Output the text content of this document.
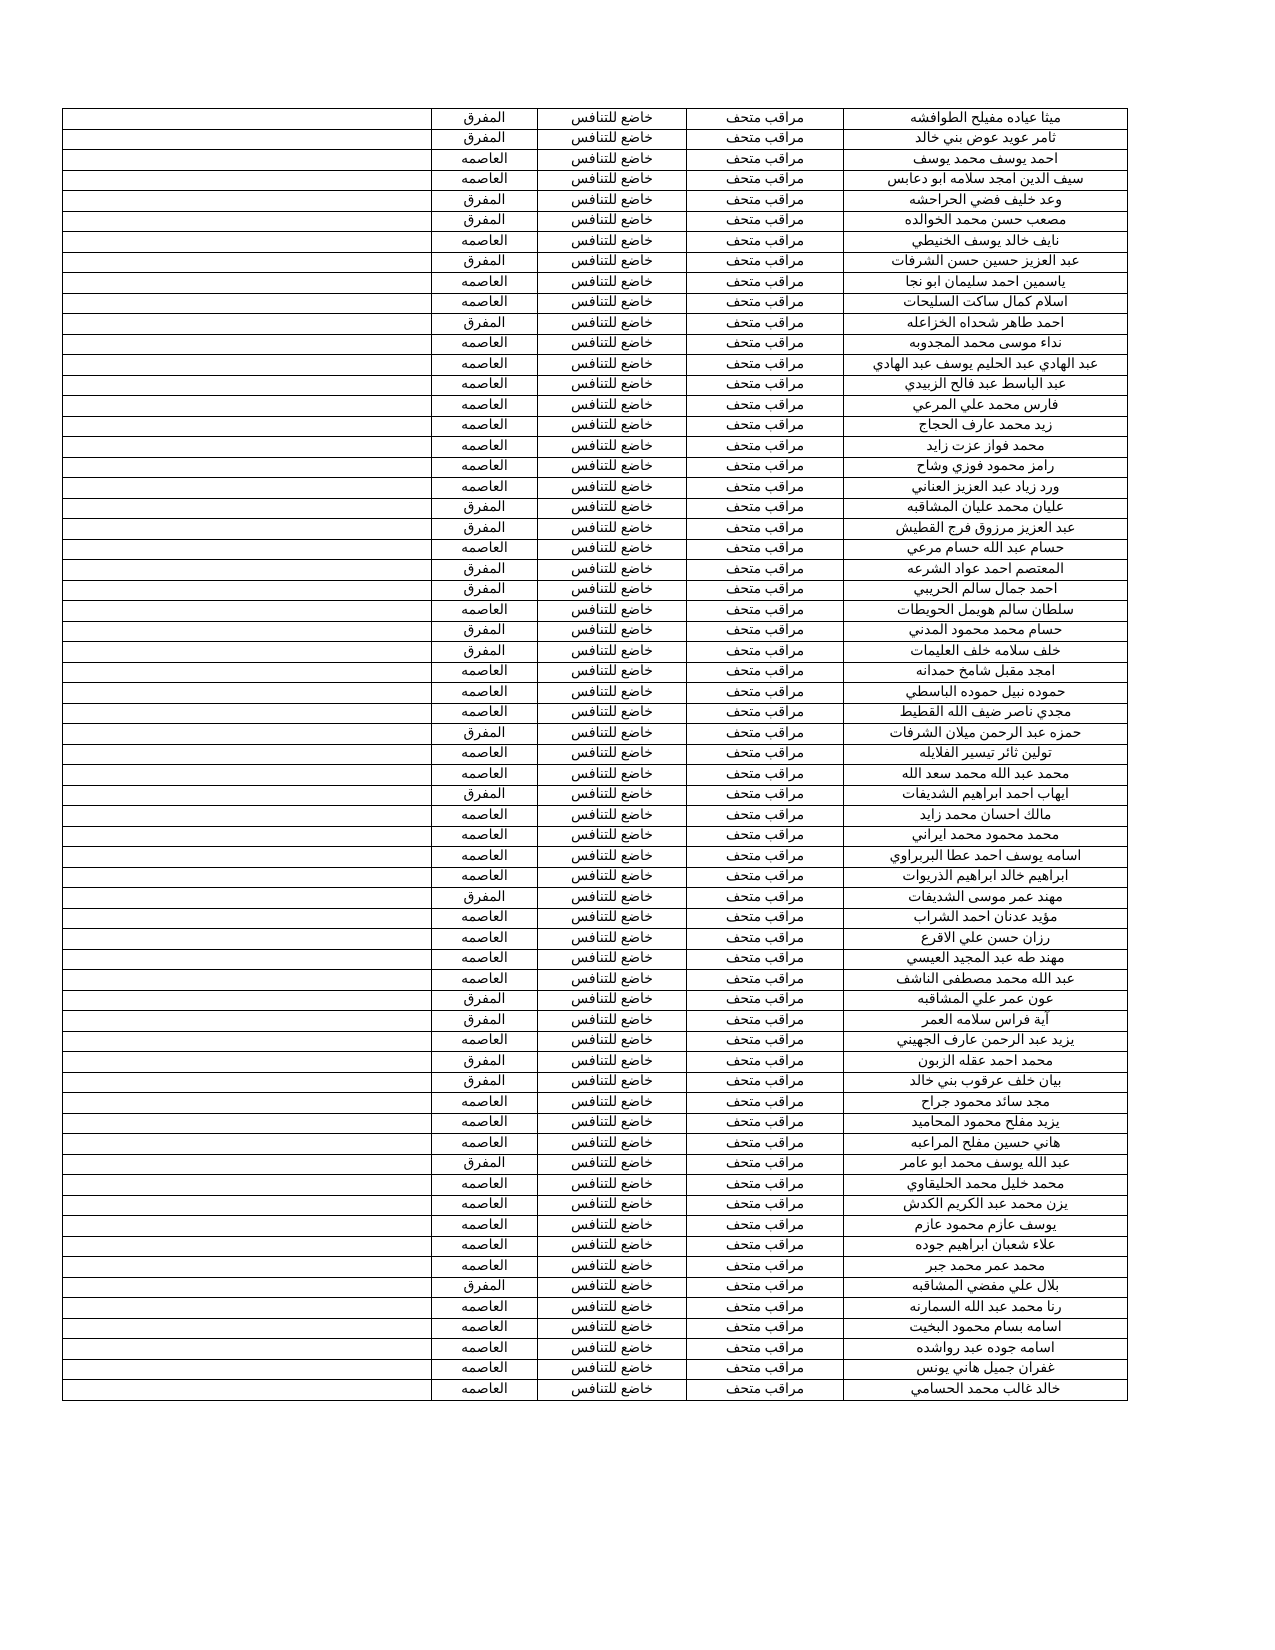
ميثا عياده مفيلح الطوافشه	مراقب متحف	خاضع للتنافس	المفرق	
ثامر عويد عوض بني خالد	مراقب متحف	خاضع للتنافس	المفرق	
احمد يوسف محمد يوسف	مراقب متحف	خاضع للتنافس	العاصمه	
سيف الدين امجد سلامه ابو دعابس	مراقب متحف	خاضع للتنافس	العاصمه	
وعد خليف فضي الحراحشه	مراقب متحف	خاضع للتنافس	المفرق	
مصعب حسن محمد الخوالده	مراقب متحف	خاضع للتنافس	المفرق	
نايف خالد يوسف الخنيطي	مراقب متحف	خاضع للتنافس	العاصمه	
عبد العزيز حسين حسن الشرفات	مراقب متحف	خاضع للتنافس	المفرق	
ياسمين احمد سليمان ابو نجا	مراقب متحف	خاضع للتنافس	العاصمه	
اسلام كمال ساكت السليحات	مراقب متحف	خاضع للتنافس	العاصمه	
احمد طاهر شحداه الخزاعله	مراقب متحف	خاضع للتنافس	المفرق	
نداء موسى محمد المجدوبه	مراقب متحف	خاضع للتنافس	العاصمه	
عبد الهادي عبد الحليم يوسف عبد الهادي	مراقب متحف	خاضع للتنافس	العاصمه	
عبد الباسط عبد فالح الزبيدي	مراقب متحف	خاضع للتنافس	العاصمه	
فارس محمد علي المرعي	مراقب متحف	خاضع للتنافس	العاصمه	
زيد محمد عارف الحجاج	مراقب متحف	خاضع للتنافس	العاصمه	
محمد فواز عزت زايد	مراقب متحف	خاضع للتنافس	العاصمه	
رامز محمود فوزي وشاح	مراقب متحف	خاضع للتنافس	العاصمه	
ورد زياد عبد العزيز العناني	مراقب متحف	خاضع للتنافس	العاصمه	
عليان محمد عليان المشاقبه	مراقب متحف	خاضع للتنافس	المفرق	
عبد العزيز مرزوق فرج القطيش	مراقب متحف	خاضع للتنافس	المفرق	
حسام عبد الله حسام مرعي	مراقب متحف	خاضع للتنافس	العاصمه	
المعتصم احمد عواد الشرعه	مراقب متحف	خاضع للتنافس	المفرق	
احمد جمال سالم الحريبي	مراقب متحف	خاضع للتنافس	المفرق	
سلطان سالم هويمل الحويطات	مراقب متحف	خاضع للتنافس	العاصمه	
حسام محمد محمود المدني	مراقب متحف	خاضع للتنافس	المفرق	
خلف سلامه خلف العليمات	مراقب متحف	خاضع للتنافس	المفرق	
امجد مقبل شامخ حمدانه	مراقب متحف	خاضع للتنافس	العاصمه	
حموده نبيل حموده الباسطي	مراقب متحف	خاضع للتنافس	العاصمه	
مجدي ناصر ضيف الله القطيط	مراقب متحف	خاضع للتنافس	العاصمه	
حمزه عبد الرحمن ميلان الشرفات	مراقب متحف	خاضع للتنافس	المفرق	
تولين ثائر تيسير الفلايله	مراقب متحف	خاضع للتنافس	العاصمه	
محمد عبد الله محمد سعد الله	مراقب متحف	خاضع للتنافس	العاصمه	
ايهاب احمد ابراهيم الشديفات	مراقب متحف	خاضع للتنافس	المفرق	
مالك احسان محمد زايد	مراقب متحف	خاضع للتنافس	العاصمه	
محمد محمود محمد ايراني	مراقب متحف	خاضع للتنافس	العاصمه	
اسامه يوسف احمد عطا البربراوي	مراقب متحف	خاضع للتنافس	العاصمه	
ابراهيم خالد ابراهيم الذريوات	مراقب متحف	خاضع للتنافس	العاصمه	
مهند عمر موسى الشديفات	مراقب متحف	خاضع للتنافس	المفرق	
مؤيد عدنان احمد الشراب	مراقب متحف	خاضع للتنافس	العاصمه	
رزان حسن علي الاقرع	مراقب متحف	خاضع للتنافس	العاصمه	
مهند طه عبد المجيد العيسي	مراقب متحف	خاضع للتنافس	العاصمه	
عبد الله محمد مصطفى الناشف	مراقب متحف	خاضع للتنافس	العاصمه	
عون عمر علي المشاقبه	مراقب متحف	خاضع للتنافس	المفرق	
آية فراس سلامه العمر	مراقب متحف	خاضع للتنافس	المفرق	
يزيد عبد الرحمن عارف الجهيني	مراقب متحف	خاضع للتنافس	العاصمه	
محمد احمد عقله الزبون	مراقب متحف	خاضع للتنافس	المفرق	
بيان خلف عرقوب بني خالد	مراقب متحف	خاضع للتنافس	المفرق	
مجد سائد محمود جراح	مراقب متحف	خاضع للتنافس	العاصمه	
يزيد مفلح محمود المحاميد	مراقب متحف	خاضع للتنافس	العاصمه	
هاني حسين مفلح المراعبه	مراقب متحف	خاضع للتنافس	العاصمه	
عبد الله يوسف محمد ابو عامر	مراقب متحف	خاضع للتنافس	المفرق	
محمد خليل محمد الحليقاوي	مراقب متحف	خاضع للتنافس	العاصمه	
يزن محمد عبد الكريم الكدش	مراقب متحف	خاضع للتنافس	العاصمه	
يوسف عازم محمود عازم	مراقب متحف	خاضع للتنافس	العاصمه	
علاء شعبان ابراهيم جوده	مراقب متحف	خاضع للتنافس	العاصمه	
محمد عمر محمد جبر	مراقب متحف	خاضع للتنافس	العاصمه	
بلال علي مفضي المشاقبه	مراقب متحف	خاضع للتنافس	المفرق	
رنا محمد عبد الله السمارنه	مراقب متحف	خاضع للتنافس	العاصمه	
اسامه بسام محمود البخيت	مراقب متحف	خاضع للتنافس	العاصمه	
اسامه جوده عبد رواشده	مراقب متحف	خاضع للتنافس	العاصمه	
غفران جميل هاني يونس	مراقب متحف	خاضع للتنافس	العاصمه	
خالد غالب محمد الحسامي	مراقب متحف	خاضع للتنافس	العاصمه	
